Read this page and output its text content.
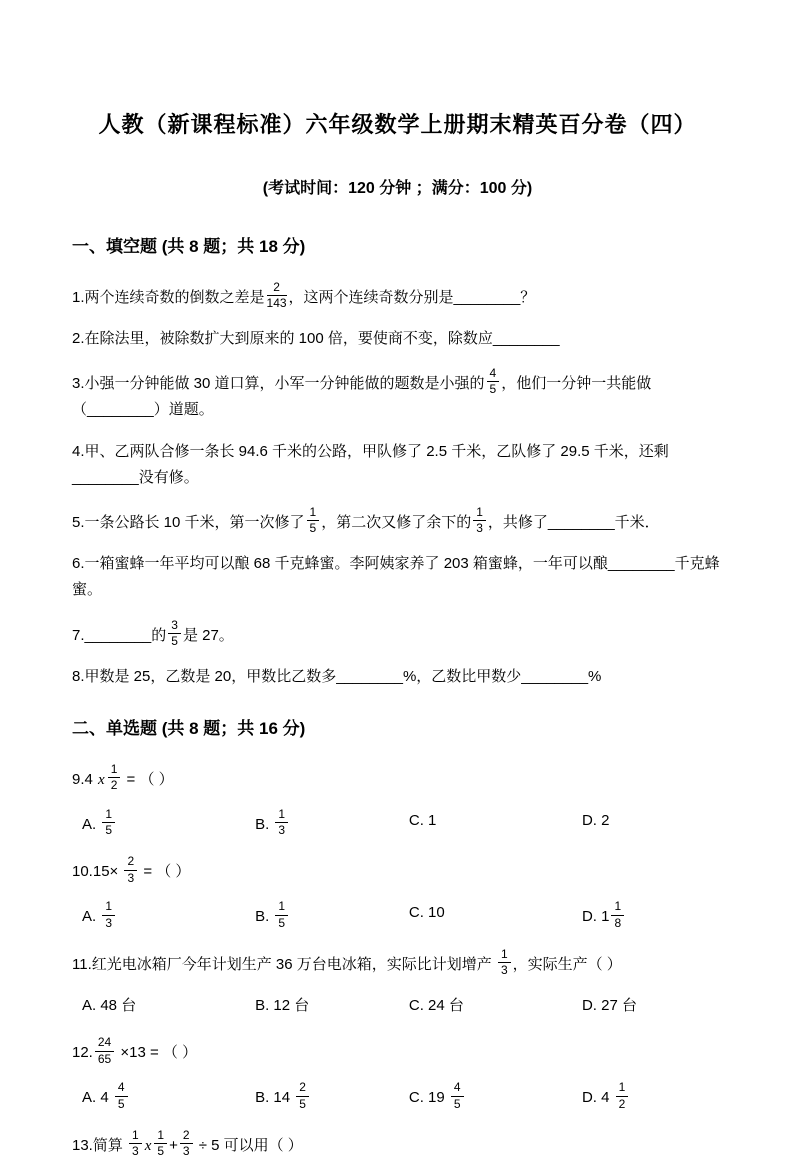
人教（新课程标准）六年级数学上册期末精英百分卷（四）
(考试时间：120 分钟 ；满分：100 分)
一、填空题 (共 8 题；共 18 分)
1.两个连续奇数的倒数之差是 $\frac{2}{143}$ ，这两个连续奇数分别是________？
2.在除法里，被除数扩大到原来的 100 倍，要使商不变，除数应________
3.小强一分钟能做 30 道口算，小军一分钟能做的题数是小强的 $\frac{4}{5}$ ，他们一分钟一共能做（________）道题。
4.甲、乙两队合修一条长 94.6 千米的公路，甲队修了 2.5 千米，乙队修了 29.5 千米，还剩________没有修。
5.一条公路长 10 千米，第一次修了 $\frac{1}{5}$ ，第二次又修了余下的 $\frac{1}{3}$ ，共修了________千米．
6.一箱蜜蜂一年平均可以酿 68 千克蜂蜜。李阿姨家养了 203 箱蜜蜂，一年可以酿________千克蜂蜜。
7.________的 $\frac{3}{5}$ 是 27。
8.甲数是 25，乙数是 20，甲数比乙数多________%，乙数比甲数少________%
二、单选题 (共 8 题；共 16 分)
9.4 x $\frac{1}{2}$ = （ ）
A. $\frac{1}{5}$	B. $\frac{1}{3}$	C. 1	D. 2
$10.15\times \frac{2}{3}$ = （ ）
A. $\frac{1}{3}$	B. $\frac{1}{5}$	C. 10	D. $1 \frac{1}{8}$
11.红光电冰箱厂今年计划生产 36 万台电冰箱，实际比计划增产 $\frac{1}{3}$ ，实际生产（ ）
A. 48 台	B. 12 台	C. 24 台	D. 27 台
12. $\frac{24}{65} \times 13$ = （ ）
A. $4 \frac{4}{5}$	B. $14 \frac{2}{5}$	C. $19 \frac{4}{5}$	D. $4 \frac{1}{2}$
13.简算 $\frac{1}{3}$ x $\frac{1}{5} + \frac{2}{3} \div 5$ 可以用（ ）
